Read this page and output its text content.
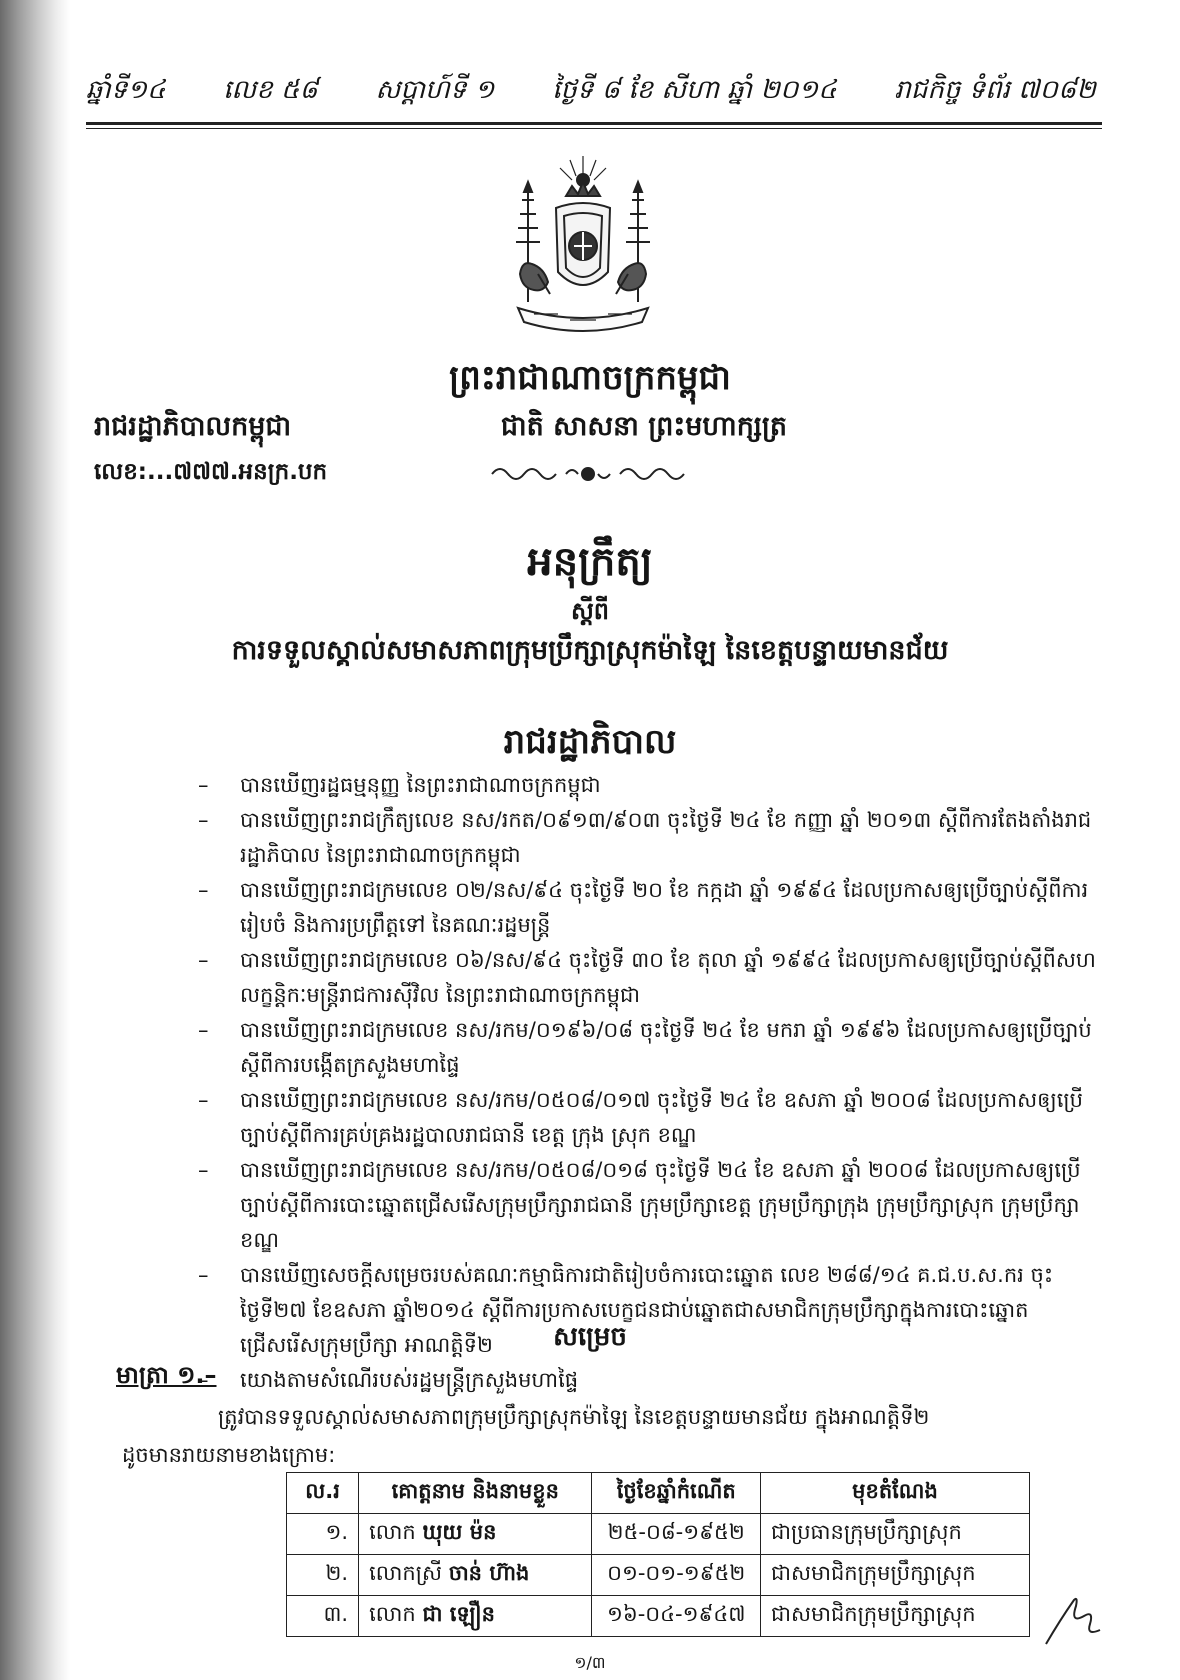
ឆ្នាំទី១៤ លេខ ៥៨ សប្តាហ៍ទី ១ ថ្ងៃទី ៨ ខែ សីហា ឆ្នាំ ២០១៤ រាជកិច្ច ទំព័រ ៧០៨២
ព្រះរាជាណាចក្រកម្ពុជា
រាជរដ្ឋាភិបាលកម្ពុជា
លេខ:...៧៧៧.អនក្រ.បក
ជាតិ សាសនា ព្រះមហាក្សត្រ
អនុក្រឹត្យ
ស្តីពី
ការទទួលស្គាល់សមាសភាពក្រុមប្រឹក្សាស្រុកម៉ាឡៃ នៃខេត្តបន្ទាយមានជ័យ
រាជរដ្ឋាភិបាល
– បានឃើញរដ្ឋធម្មនុញ្ញ នៃព្រះរាជាណាចក្រកម្ពុជា
– បានឃើញព្រះរាជក្រឹត្យលេខ នស/រកត/០៩១៣/៩០៣ ចុះថ្ងៃទី ២៤ ខែ កញ្ញា ឆ្នាំ ២០១៣ ស្តីពីការតែងតាំងរាជរដ្ឋាភិបាល នៃព្រះរាជាណាចក្រកម្ពុជា
– បានឃើញព្រះរាជក្រមលេខ ០២/នស/៩៤ ចុះថ្ងៃទី ២០ ខែ កក្កដា ឆ្នាំ ១៩៩៤ ដែលប្រកាសឲ្យប្រើច្បាប់ស្តីពីការរៀបចំ និងការប្រព្រឹត្តទៅ នៃគណៈរដ្ឋមន្ត្រី
– បានឃើញព្រះរាជក្រមលេខ ០៦/នស/៩៤ ចុះថ្ងៃទី ៣០ ខែ តុលា ឆ្នាំ ១៩៩៤ ដែលប្រកាសឲ្យប្រើច្បាប់ស្តីពីសហលក្ខន្តិកៈមន្ត្រីរាជការស៊ីវិល នៃព្រះរាជាណាចក្រកម្ពុជា
– បានឃើញព្រះរាជក្រមលេខ នស/រកម/០១៩៦/០៨ ចុះថ្ងៃទី ២៤ ខែ មករា ឆ្នាំ ១៩៩៦ ដែលប្រកាសឲ្យប្រើច្បាប់ស្តីពីការបង្កើតក្រសួងមហាផ្ទៃ
– បានឃើញព្រះរាជក្រមលេខ នស/រកម/០៥០៨/០១៧ ចុះថ្ងៃទី ២៤ ខែ ឧសភា ឆ្នាំ ២០០៨ ដែលប្រកាសឲ្យប្រើច្បាប់ស្តីពីការគ្រប់គ្រងរដ្ឋបាលរាជធានី ខេត្ត ក្រុង ស្រុក ខណ្ឌ
– បានឃើញព្រះរាជក្រមលេខ នស/រកម/០៥០៨/០១៨ ចុះថ្ងៃទី ២៤ ខែ ឧសភា ឆ្នាំ ២០០៨ ដែលប្រកាសឲ្យប្រើច្បាប់ស្តីពីការបោះឆ្នោតជ្រើសរើសក្រុមប្រឹក្សារាជធានី ក្រុមប្រឹក្សាខេត្ត ក្រុមប្រឹក្សាក្រុង ក្រុមប្រឹក្សាស្រុក ក្រុមប្រឹក្សាខណ្ឌ
– បានឃើញសេចក្តីសម្រេចរបស់គណៈកម្មាធិការជាតិរៀបចំការបោះឆ្នោត លេខ ២៨៨/១៤ គ.ជ.ប.ស.ករ ចុះថ្ងៃទី២៧ ខែឧសភា ឆ្នាំ២០១៤ ស្តីពីការប្រកាសបេក្ខជនជាប់ឆ្នោតជាសមាជិកក្រុមប្រឹក្សាក្នុងការបោះឆ្នោតជ្រើសរើសក្រុមប្រឹក្សា អាណត្តិទី២
– យោងតាមសំណើរបស់រដ្ឋមន្ត្រីក្រសួងមហាផ្ទៃ
សម្រេច
មាត្រា ១.–
ត្រូវបានទទួលស្គាល់សមាសភាពក្រុមប្រឹក្សាស្រុកម៉ាឡៃ នៃខេត្តបន្ទាយមានជ័យ ក្នុងអាណត្តិទី២
ដូចមានរាយនាមខាងក្រោម:
ល.រ	គោត្តនាម និងនាមខ្លួន	ថ្ងៃខែឆ្នាំកំណើត	មុខតំណែង
១.	លោក ឃុយ ម៉ន	២៥-០៨-១៩៥២	ជាប្រធានក្រុមប្រឹក្សាស្រុក
២.	លោកស្រី ចាន់ ហ៊ាង	០១-០១-១៩៥២	ជាសមាជិកក្រុមប្រឹក្សាស្រុក
៣.	លោក ជា ឡឿន	១៦-០៤-១៩៤៧	ជាសមាជិកក្រុមប្រឹក្សាស្រុក
១/៣
